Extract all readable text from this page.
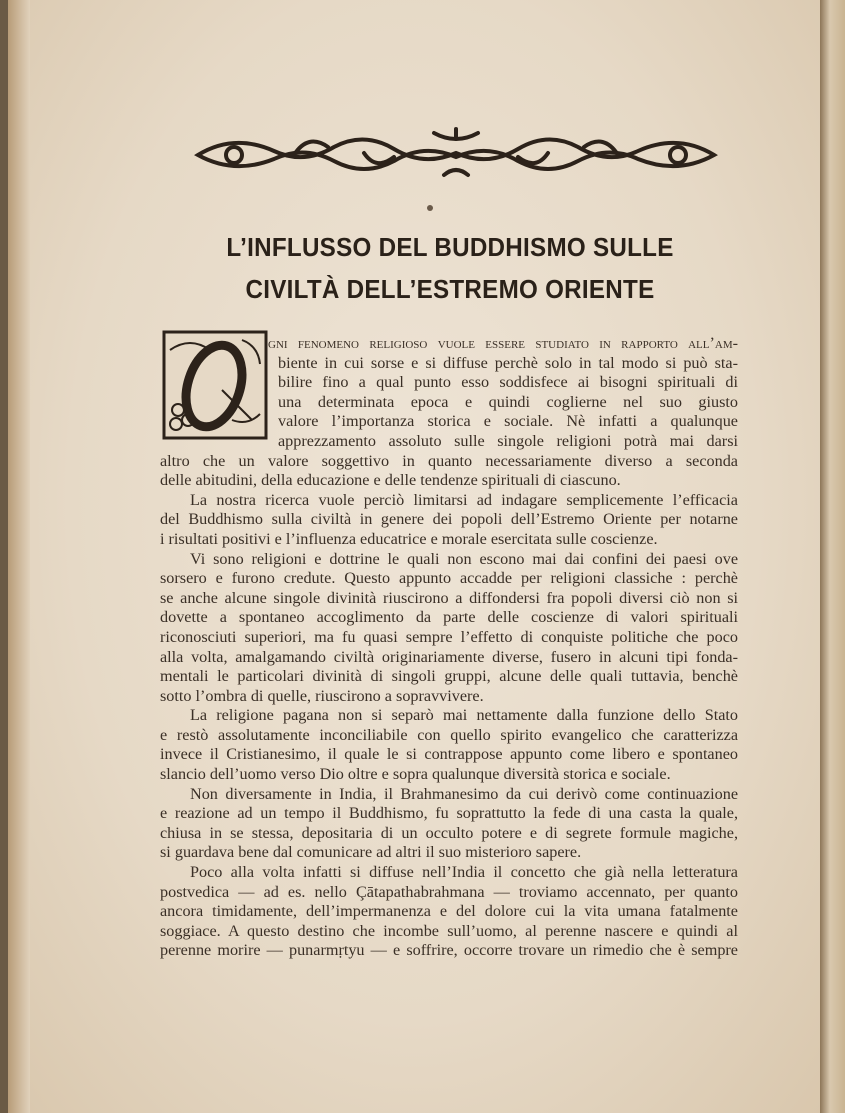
L’INFLUSSO DEL BUDDHISMO SULLE
CIVILTÀ DELL’ESTREMO ORIENTE
gni fenomeno religioso vuole essere studiato in rapporto all’am-
biente in cui sorse e si diffuse perchè solo in tal modo si può sta-
bilire fino a qual punto esso soddisfece ai bisogni spirituali di
una determinata epoca e quindi coglierne nel suo giusto
valore l’importanza storica e sociale. Nè infatti a qualunque
apprezzamento assoluto sulle singole religioni potrà mai darsi
altro che un valore soggettivo in quanto necessariamente diverso a seconda
delle abitudini, della educazione e delle tendenze spirituali di ciascuno.
La nostra ricerca vuole perciò limitarsi ad indagare semplicemente l’efficacia
del Buddhismo sulla civiltà in genere dei popoli dell’Estremo Oriente per notarne
i risultati positivi e l’influenza educatrice e morale esercitata sulle coscienze.
Vi sono religioni e dottrine le quali non escono mai dai confini dei paesi ove
sorsero e furono credute. Questo appunto accadde per religioni classiche : perchè
se anche alcune singole divinità riuscirono a diffondersi fra popoli diversi ciò non si
dovette a spontaneo accoglimento da parte delle coscienze di valori spirituali
riconosciuti superiori, ma fu quasi sempre l’effetto di conquiste politiche che poco
alla volta, amalgamando civiltà originariamente diverse, fusero in alcuni tipi fonda-
mentali le particolari divinità di singoli gruppi, alcune delle quali tuttavia, benchè
sotto l’ombra di quelle, riuscirono a sopravvivere.
La religione pagana non si separò mai nettamente dalla funzione dello Stato
e restò assolutamente inconciliabile con quello spirito evangelico che caratterizza
invece il Cristianesimo, il quale le si contrappose appunto come libero e spontaneo
slancio dell’uomo verso Dio oltre e sopra qualunque diversità storica e sociale.
Non diversamente in India, il Brahmanesimo da cui derivò come continuazione
e reazione ad un tempo il Buddhismo, fu soprattutto la fede di una casta la quale,
chiusa in se stessa, depositaria di un occulto potere e di segrete formule magiche,
si guardava bene dal comunicare ad altri il suo misterioro sapere.
Poco alla volta infatti si diffuse nell’India il concetto che già nella letteratura
postvedica — ad es. nello Çātapathabrahmana — troviamo accennato, per quanto
ancora timidamente, dell’impermanenza e del dolore cui la vita umana fatalmente
soggiace. A questo destino che incombe sull’uomo, al perenne nascere e quindi al
perenne morire — punarmṛtyu — e soffrire, occorre trovare un rimedio che è sempre
